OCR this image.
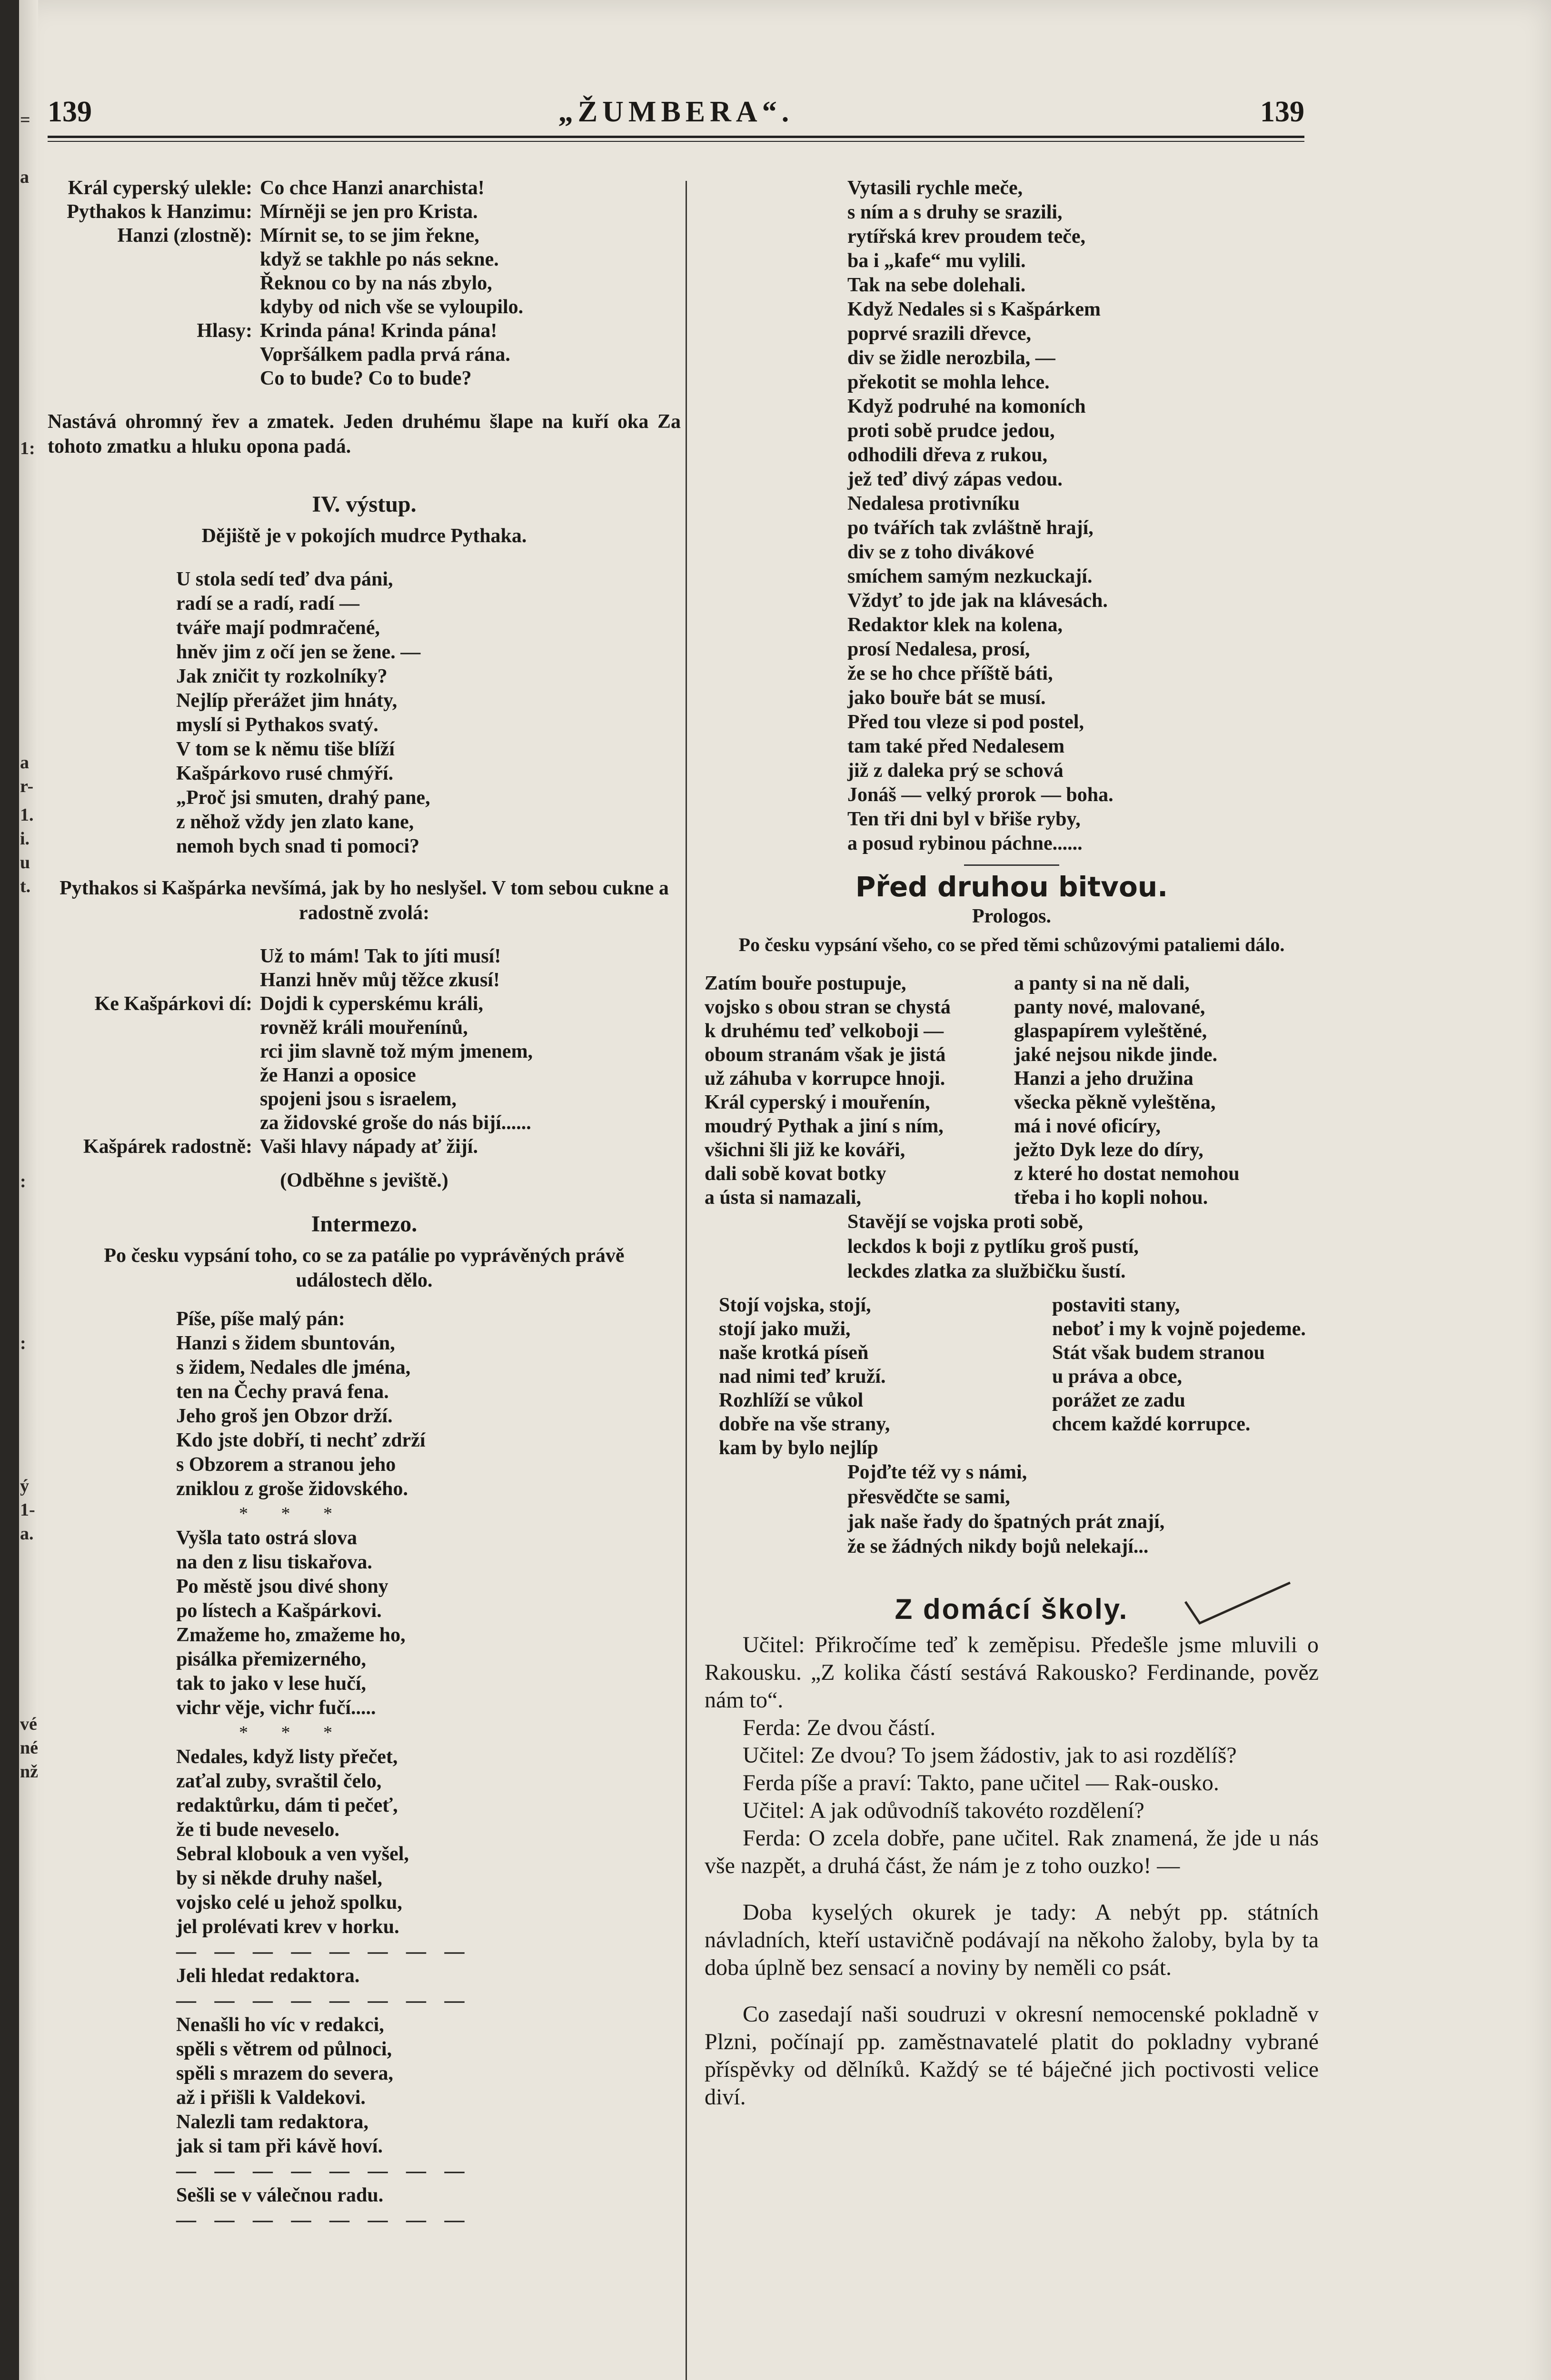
=
a
1:
a
r-
1.
i.
u
t.
:
:
ý
1-
a.
vé
né
nž
139	„ŽUMBERA“.	139
Král cyperský ulekle: Co chce Hanzi anarchista!
Pythakos k Hanzimu: Mírněji se jen pro Krista.
Hanzi (zlostně): Mírnit se, to se jim řekne,
když se takhle po nás sekne.
Řeknou co by na nás zbylo,
kdyby od nich vše se vyloupilo.
Hlasy: Krinda pána! Krinda pána!
Vopršálkem padla prvá rána.
Co to bude? Co to bude?
Nastává ohromný řev a zmatek. Jeden druhému šlape na kuří oka Za tohoto zmatku a hluku opona padá.
IV. výstup.
Dějiště je v pokojích mudrce Pythaka.
U stola sedí teď dva páni,
radí se a radí, radí —
tváře mají podmračené,
hněv jim z očí jen se žene. —
Jak zničit ty rozkolníky?
Nejlíp přerážet jim hnáty,
myslí si Pythakos svatý.
V tom se k němu tiše blíží
Kašpárkovo rusé chmýří.
„Proč jsi smuten, drahý pane,
z něhož vždy jen zlato kane,
nemoh bych snad ti pomoci?
Pythakos si Kašpárka nevšímá, jak by ho neslyšel. V tom sebou cukne a radostně zvolá:
Už to mám! Tak to jíti musí!
Hanzi hněv můj těžce zkusí!
Ke Kašpárkovi dí: Dojdi k cyperskému králi,
rovněž králi mouřenínů,
rci jim slavně tož mým jmenem,
že Hanzi a oposice
spojeni jsou s israelem,
za židovské groše do nás bijí......
Kašpárek radostně: Vaši hlavy nápady ať žijí.
(Odběhne s jeviště.)
Intermezo.
Po česku vypsání toho, co se za patálie po vyprávěných právě událostech dělo.
Píše, píše malý pán:
Hanzi s židem sbuntován,
s židem, Nedales dle jména,
ten na Čechy pravá fena.
Jeho groš jen Obzor drží.
Kdo jste dobří, ti nechť zdrží
s Obzorem a stranou jeho
zniklou z groše židovského.
* * *
Vyšla tato ostrá slova
na den z lisu tiskařova.
Po městě jsou divé shony
po lístech a Kašpárkovi.
Zmažeme ho, zmažeme ho,
pisálka přemizerného,
tak to jako v lese hučí,
vichr věje, vichr fučí.....
* * *
Nedales, když listy přečet,
zaťal zuby, svraštil čelo,
redaktůrku, dám ti pečeť,
že ti bude neveselo.
Sebral klobouk a ven vyšel,
by si někde druhy našel,
vojsko celé u jehož spolku,
jel prolévati krev v horku.
— — — — — — — —
Jeli hledat redaktora.
— — — — — — — —
Nenašli ho víc v redakci,
spěli s větrem od půlnoci,
spěli s mrazem do severa,
až i přišli k Valdekovi.
Nalezli tam redaktora,
jak si tam při kávě hoví.
— — — — — — — —
Sešli se v válečnou radu.
— — — — — — — —
Vytasili rychle meče,
s ním a s druhy se srazili,
rytířská krev proudem teče,
ba i „kafe“ mu vylili.
Tak na sebe dolehali.
Když Nedales si s Kašpárkem
poprvé srazili dřevce,
div se židle nerozbila, —
překotit se mohla lehce.
Když podruhé na komoních
proti sobě prudce jedou,
odhodili dřeva z rukou,
jež teď divý zápas vedou.
Nedalesa protivníku
po tvářích tak zvláštně hrají,
div se z toho divákové
smíchem samým nezkuckají.
Vždyť to jde jak na klávesách.
Redaktor klek na kolena,
prosí Nedalesa, prosí,
že se ho chce příště báti,
jako bouře bát se musí.
Před tou vleze si pod postel,
tam také před Nedalesem
již z daleka prý se schová
Jonáš — velký prorok — boha.
Ten tři dni byl v břiše ryby,
a posud rybinou páchne......
Před druhou bitvou.
Prologos.
Po česku vypsání všeho, co se před těmi schůzovými pataliemi dálo.
Zatím bouře postupuje,
vojsko s obou stran se chystá
k druhému teď velkoboji —
oboum stranám však je jistá
už záhuba v korrupce hnoji.
Král cyperský i mouřenín,
moudrý Pythak a jiní s ním,
všichni šli již ke kováři,
dali sobě kovat botky
a ústa si namazali,
a panty si na ně dali,
panty nové, malované,
glaspapírem vyleštěné,
jaké nejsou nikde jinde.
Hanzi a jeho družina
všecka pěkně vyleštěna,
má i nové oficíry,
ježto Dyk leze do díry,
z které ho dostat nemohou
třeba i ho kopli nohou.
Stavějí se vojska proti sobě,
leckdos k boji z pytlíku groš pustí,
leckdes zlatka za službičku šustí.
Stojí vojska, stojí,
stojí jako muži,
naše krotká píseň
nad nimi teď kruží.
Rozhlíží se vůkol
dobře na vše strany,
kam by bylo nejlíp
postaviti stany,
neboť i my k vojně pojedeme.
Stát však budem stranou
u práva a obce,
porážet ze zadu
chcem každé korrupce.
Pojďte též vy s námi,
přesvědčte se sami,
jak naše řady do špatných prát znají,
že se žádných nikdy bojů nelekají...
Z domácí školy.

Učitel: Přikročíme teď k zeměpisu. Předešle jsme mluvili o Rakousku. „Z kolika částí sestává Rakousko? Ferdinande, pověz nám to“.

Ferda: Ze dvou částí.

Učitel: Ze dvou? To jsem žádostiv, jak to asi rozdělíš?

Ferda píše a praví: Takto, pane učitel — Rak-ousko.

Učitel: A jak odůvodníš takovéto rozdělení?

Ferda: O zcela dobře, pane učitel. Rak znamená, že jde u nás vše nazpět, a druhá část, že nám je z toho ouzko! —

Doba kyselých okurek je tady: A nebýt pp. státních návladních, kteří ustavičně podávají na někoho žaloby, byla by ta doba úplně bez sensací a noviny by neměli co psát.

Co zasedají naši soudruzi v okresní nemocenské pokladně v Plzni, počínají pp. zaměstnavatelé platit do pokladny vybrané příspěvky od dělníků. Každý se té báječné jich poctivosti velice diví.
